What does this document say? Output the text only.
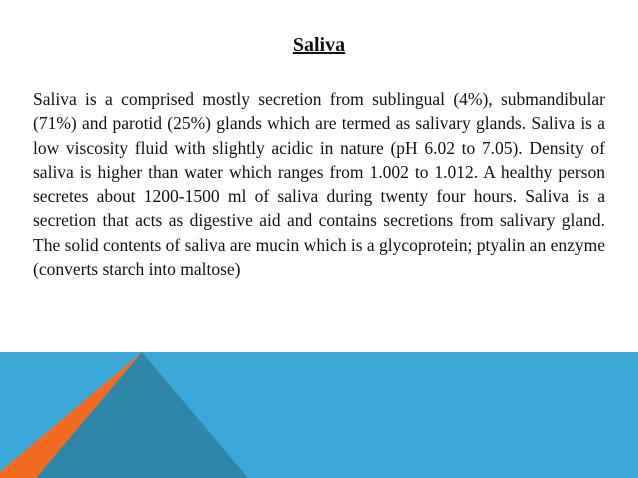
Saliva

Saliva is a comprised mostly secretion from sublingual (4%), submandibular (71%) and parotid (25%) glands which are termed as salivary glands. Saliva is a low viscosity fluid with slightly acidic in nature (pH 6.02 to 7.05). Density of saliva is higher than water which ranges from 1.002 to 1.012. A healthy person secretes about 1200-1500 ml of saliva during twenty four hours. Saliva is a secretion that acts as digestive aid and contains secretions from salivary gland. The solid contents of saliva are mucin which is a glycoprotein; ptyalin an enzyme (converts starch into maltose)
